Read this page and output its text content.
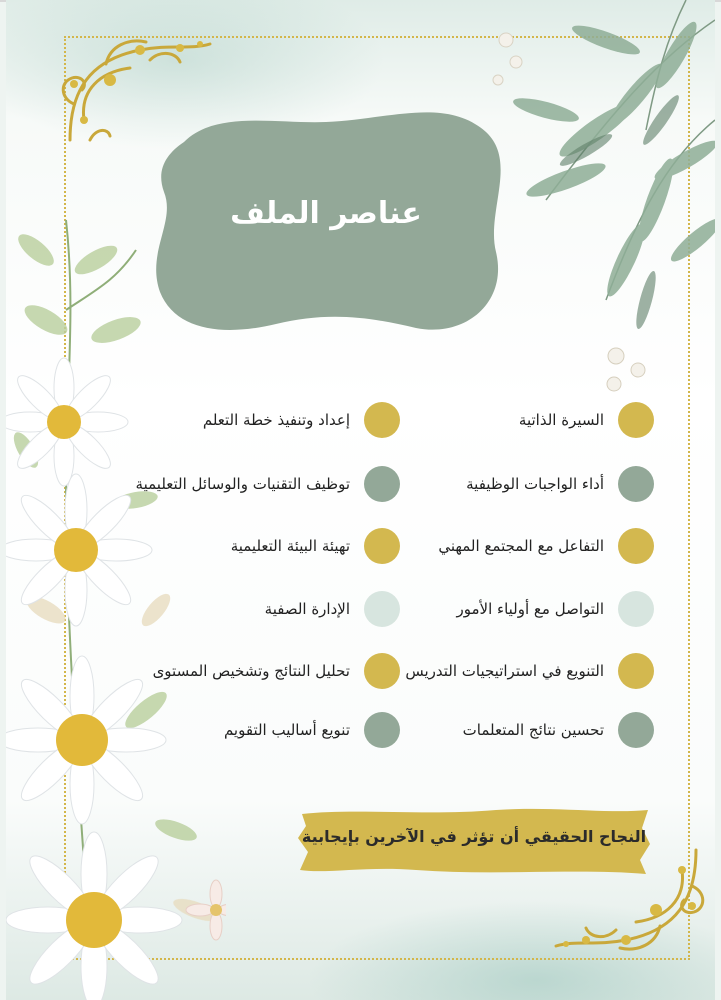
عناصر الملف
السيرة الذاتية
أداء الواجبات الوظيفية
التفاعل مع المجتمع المهني
التواصل مع أولياء الأمور
التنويع في استراتيجيات التدريس
تحسين نتائج المتعلمات
إعداد وتنفيذ خطة التعلم
توظيف التقنيات والوسائل التعليمية
تهيئة البيئة التعليمية
الإدارة الصفية
تحليل النتائج وتشخيص المستوى
تنويع أساليب التقويم
النجاح الحقيقي أن تؤثر في الآخرين بإيجابية
